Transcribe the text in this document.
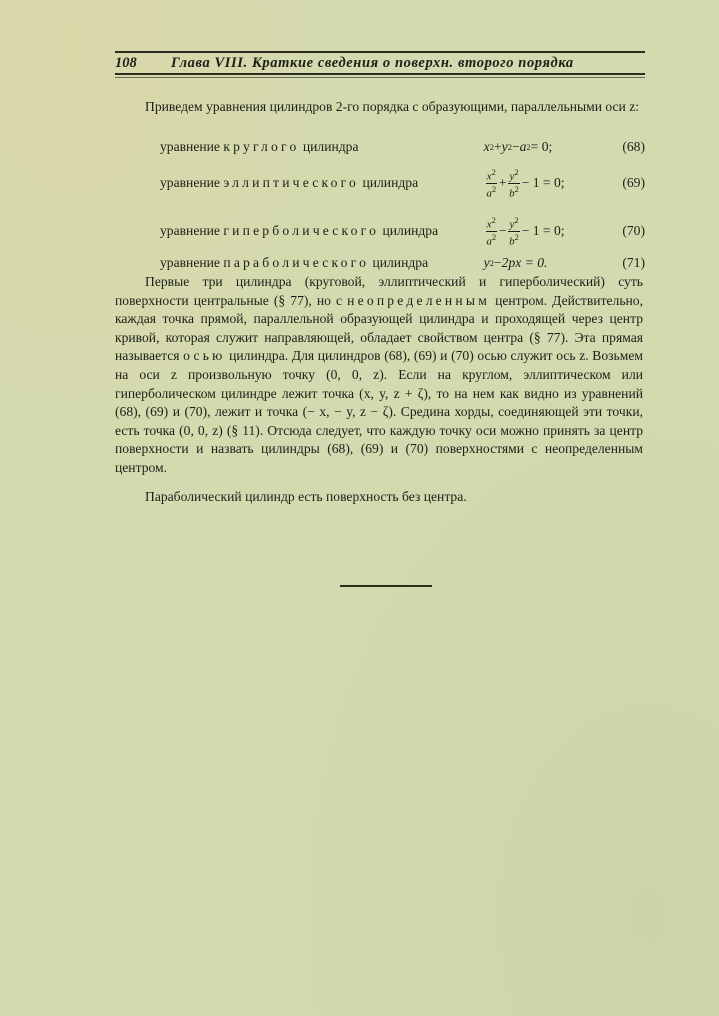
108	Глава VIII. Краткие сведения о поверхн. второго порядка
Приведем уравнения цилиндров 2-го порядка с образующими, параллельными оси z:
уравнение круглого цилиндра	x 2 + y 2 − a 2 = 0;	(68)
уравнение эллиптического цилиндра	$\frac{x^2}{a^2} + \frac{y^2}{b^2} - 1 = 0$;	(69)
уравнение гиперболического цилиндра	$\frac{x^2}{a^2} - \frac{y^2}{b^2} - 1 = 0$;	(70)
уравнение параболического цилиндра	y 2 − 2px = 0.	(71)
Первые три цилиндра (круговой, эллиптический и гиперболический) суть поверхности центральные (§ 77), но с неопределенным центром. Действительно, каждая точка прямой, параллельной образующей цилиндра и проходящей через центр кривой, которая служит направляющей, обладает свойством центра (§ 77). Эта прямая называется осью цилиндра. Для цилиндров (68), (69) и (70) осью служит ось z. Возьмем на оси z произвольную точку (0, 0, z). Если на круглом, эллиптическом или гиперболическом цилиндре лежит точка (x, y, z + ζ), то на нем как видно из уравнений (68), (69) и (70), лежит и точка (− x, − y, z − ζ). Средина хорды, соединяющей эти точки, есть точка (0, 0, z) (§ 11). Отсюда следует, что каждую точку оси можно принять за центр поверхности и назвать цилиндры (68), (69) и (70) поверхностями с неопределенным центром.
Параболический цилиндр есть поверхность без центра.
